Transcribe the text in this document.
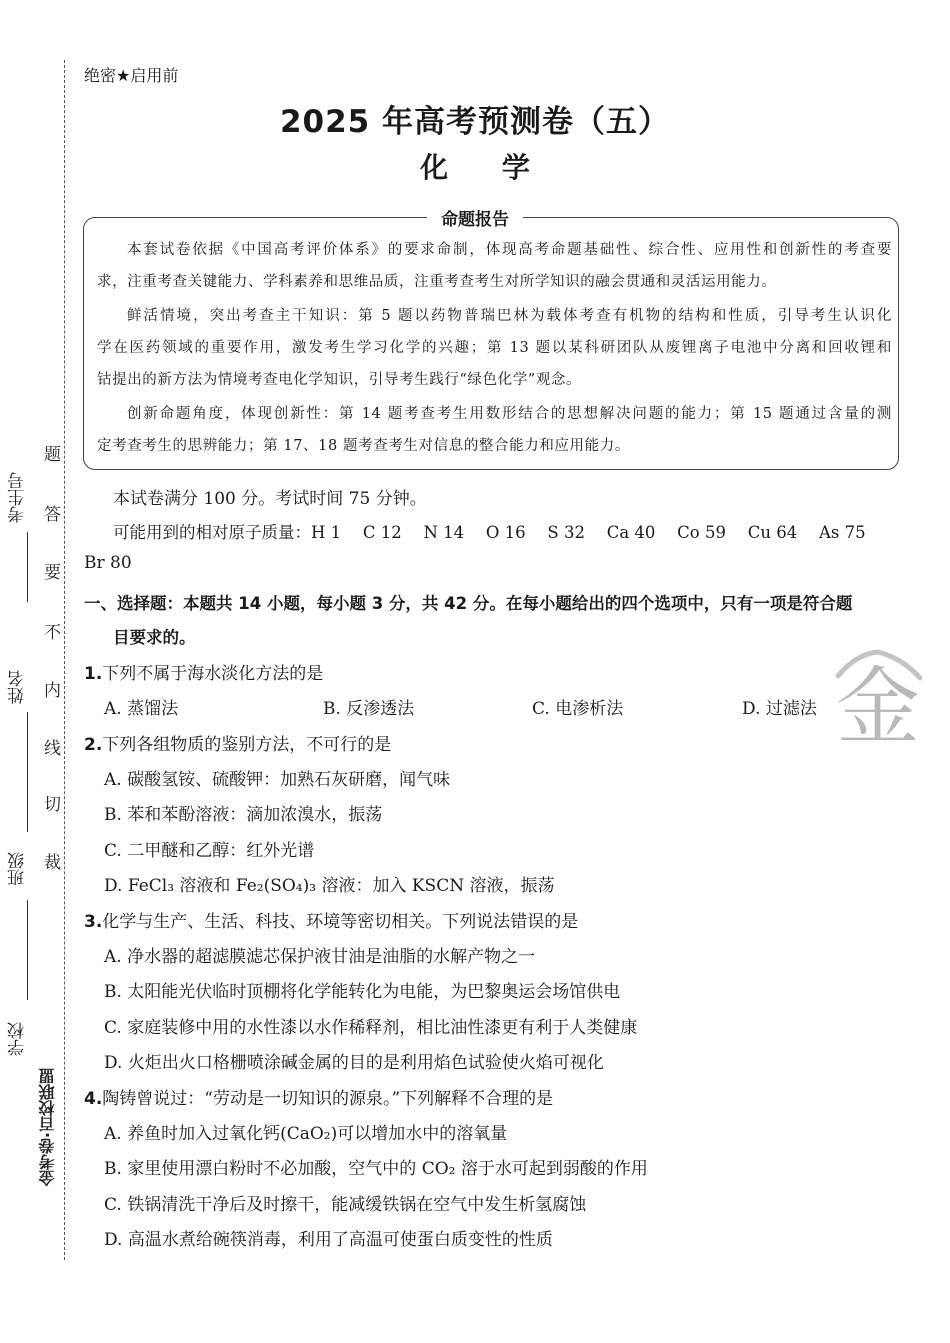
考生号
姓名
班级
学校
题
答
要
不
内
线
切
裁
金考卷·百校联盟
绝密★启用前
2025 年高考预测卷（五）
化 学
命题报告
本套试卷依据《中国高考评价体系》的要求命制，体现高考命题基础性、综合性、应用性和创新性的考查要
求，注重考查关键能力、学科素养和思维品质，注重考查考生对所学知识的融会贯通和灵活运用能力。
鲜活情境，突出考查主干知识：第 5 题以药物普瑞巴林为载体考查有机物的结构和性质，引导考生认识化
学在医药领域的重要作用，激发考生学习化学的兴趣；第 13 题以某科研团队从废锂离子电池中分离和回收锂和
钴提出的新方法为情境考查电化学知识，引导考生践行“绿色化学”观念。
创新命题角度，体现创新性：第 14 题考查考生用数形结合的思想解决问题的能力；第 15 题通过含量的测
定考查考生的思辨能力；第 17、18 题考查考生对信息的整合能力和应用能力。
本试卷满分 100 分。考试时间 75 分钟。
可能用到的相对原子质量：H 1　 C 12　 N 14　 O 16　 S 32　 Ca 40　 Co 59　 Cu 64　 As 75
Br 80
一、选择题：本题共 14 小题，每小题 3 分，共 42 分。在每小题给出的四个选项中，只有一项是符合题
目要求的。
1.下列不属于海水淡化方法的是
A. 蒸馏法	B. 反渗透法	C. 电渗析法	D. 过滤法
2.下列各组物质的鉴别方法，不可行的是
A. 碳酸氢铵、硫酸钾：加熟石灰研磨，闻气味
B. 苯和苯酚溶液：滴加浓溴水，振荡
C. 二甲醚和乙醇：红外光谱
D. FeCl₃ 溶液和 Fe₂(SO₄)₃ 溶液：加入 KSCN 溶液，振荡
3.化学与生产、生活、科技、环境等密切相关。下列说法错误的是
A. 净水器的超滤膜滤芯保护液甘油是油脂的水解产物之一
B. 太阳能光伏临时顶棚将化学能转化为电能，为巴黎奥运会场馆供电
C. 家庭装修中用的水性漆以水作稀释剂，相比油性漆更有利于人类健康
D. 火炬出火口格栅喷涂碱金属的目的是利用焰色试验使火焰可视化
4.陶铸曾说过：“劳动是一切知识的源泉。”下列解释不合理的是
A. 养鱼时加入过氧化钙(CaO₂)可以增加水中的溶氧量
B. 家里使用漂白粉时不必加酸，空气中的 CO₂ 溶于水可起到弱酸的作用
C. 铁锅清洗干净后及时擦干，能减缓铁锅在空气中发生析氢腐蚀
D. 高温水煮给碗筷消毒，利用了高温可使蛋白质变性的性质
金
